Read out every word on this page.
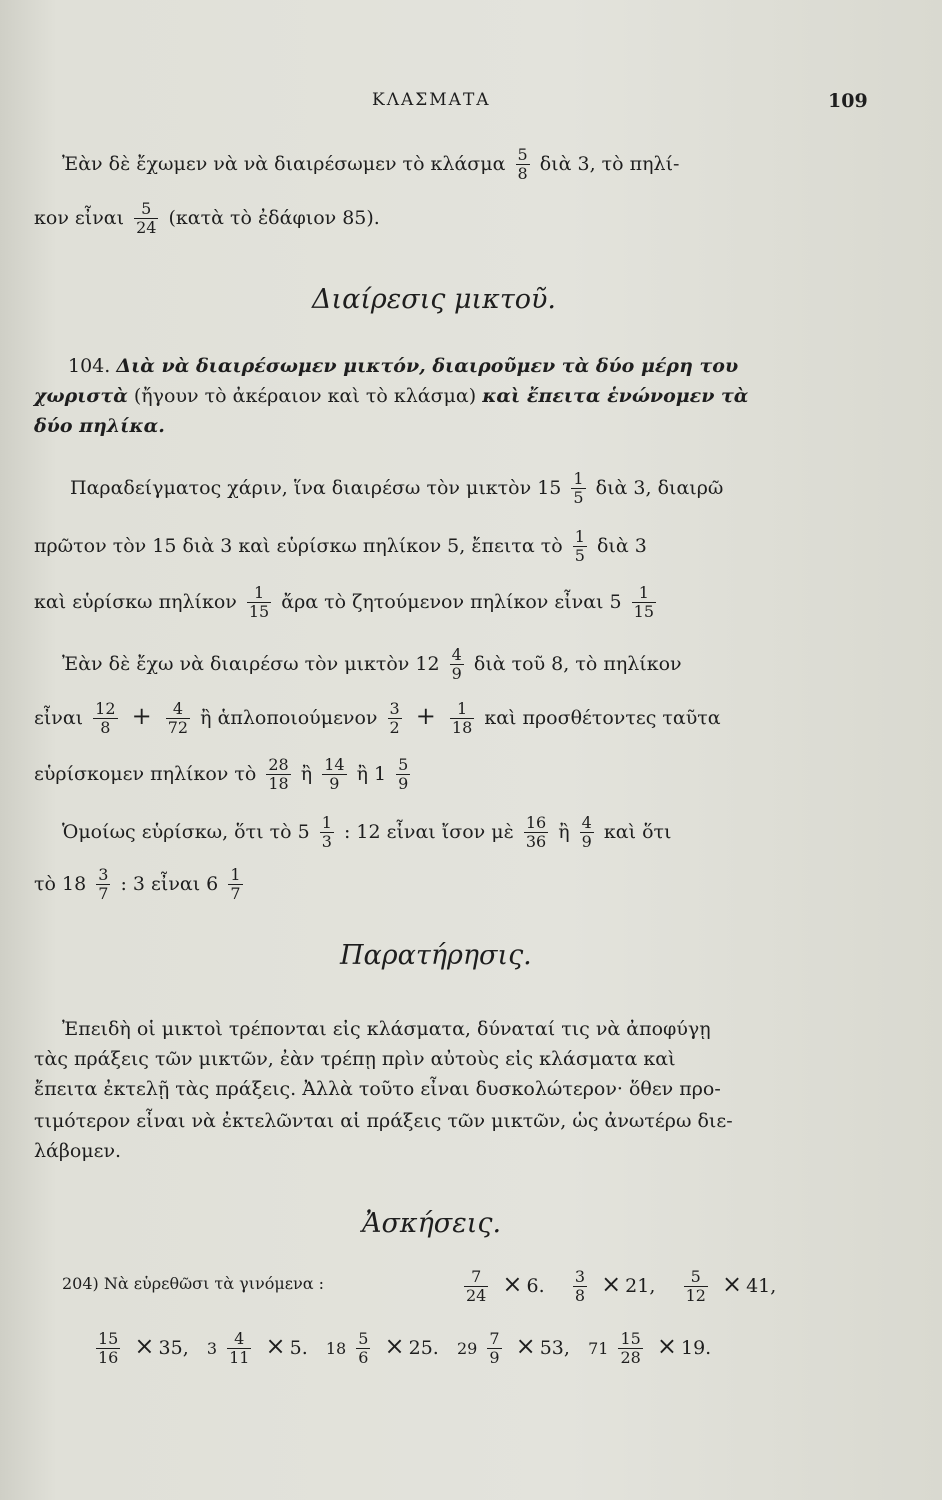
ΚΛΑΣΜΑΤΑ	109
Ἐὰν δὲ ἔχωμεν νὰ νὰ διαιρέσωμεν τὸ κλάσμα $\frac{5}{8}$ διὰ 3, τὸ πηλί-
κον εἶναι $\frac{5}{24}$ (κατὰ τὸ ἐδάφιον 85).
Διαίρεσις μικτοῦ.
104. Διὰ νὰ διαιρέσωμεν μικτόν, διαιροῦμεν τὰ δύο μέρη του
χωριστὰ (ἤγουν τὸ ἀκέραιον καὶ τὸ κλάσμα) καὶ ἔπειτα ἑνώνομεν τὰ
δύο πηλίκα.
Παραδείγματος χάριν, ἵνα διαιρέσω τὸν μικτὸν $15 \frac{1}{5}$ διὰ 3, διαιρῶ
πρῶτον τὸν 15 διὰ 3 καὶ εὑρίσκω πηλίκον 5, ἔπειτα τὸ $\frac{1}{5}$ διὰ 3
καὶ εὑρίσκω πηλίκον $\frac{1}{15}$ ἄρα τὸ ζητούμενον πηλίκον εἶναι $5 \frac{1}{15}$
Ἐὰν δὲ ἔχω νὰ διαιρέσω τὸν μικτὸν $12 \frac{4}{9}$ διὰ τοῦ 8, τὸ πηλίκον
εἶναι $\frac{12}{8} + \frac{4}{72}$ ἢ ἁπλοποιούμενον $\frac{3}{2} + \frac{1}{18}$ καὶ προσθέτοντες ταῦτα
εὑρίσκομεν πηλίκον τὸ $\frac{28}{18}$ ἢ $\frac{14}{9}$ ἢ $1 \frac{5}{9}$
Ὁμοίως εὑρίσκω, ὅτι τὸ $5 \frac{1}{3}$ : 12 εἶναι ἴσον μὲ $\frac{16}{36}$ ἢ $\frac{4}{9}$ καὶ ὅτι
τὸ $18 \frac{3}{7}$ : 3 εἶναι $6 \frac{1}{7}$
Παρατήρησις.
Ἐπειδὴ οἱ μικτοὶ τρέπονται εἰς κλάσματα, δύναταί τις νὰ ἀποφύγῃ
τὰς πράξεις τῶν μικτῶν, ἐὰν τρέπῃ πρὶν αὐτοὺς εἰς κλάσματα καὶ
ἔπειτα ἐκτελῇ τὰς πράξεις. Ἀλλὰ τοῦτο εἶναι δυσκολώτερον· ὅθεν προ-
τιμότερον εἶναι νὰ ἐκτελῶνται αἱ πράξεις τῶν μικτῶν, ὡς ἀνωτέρω διε-
λάβομεν.
Ἀσκήσεις.
204) Νὰ εὑρεθῶσι τὰ γινόμενα :	$\frac{7}{24} \times 6$. $\frac{3}{8} \times 21$, $\frac{5}{12} \times 41$,
$\frac{15}{16} \times 35$, $3 \frac{4}{11} \times 5$. $18 \frac{5}{6} \times 25$. $29 \frac{7}{9} \times 53$, $71 \frac{15}{28} \times 19$.
